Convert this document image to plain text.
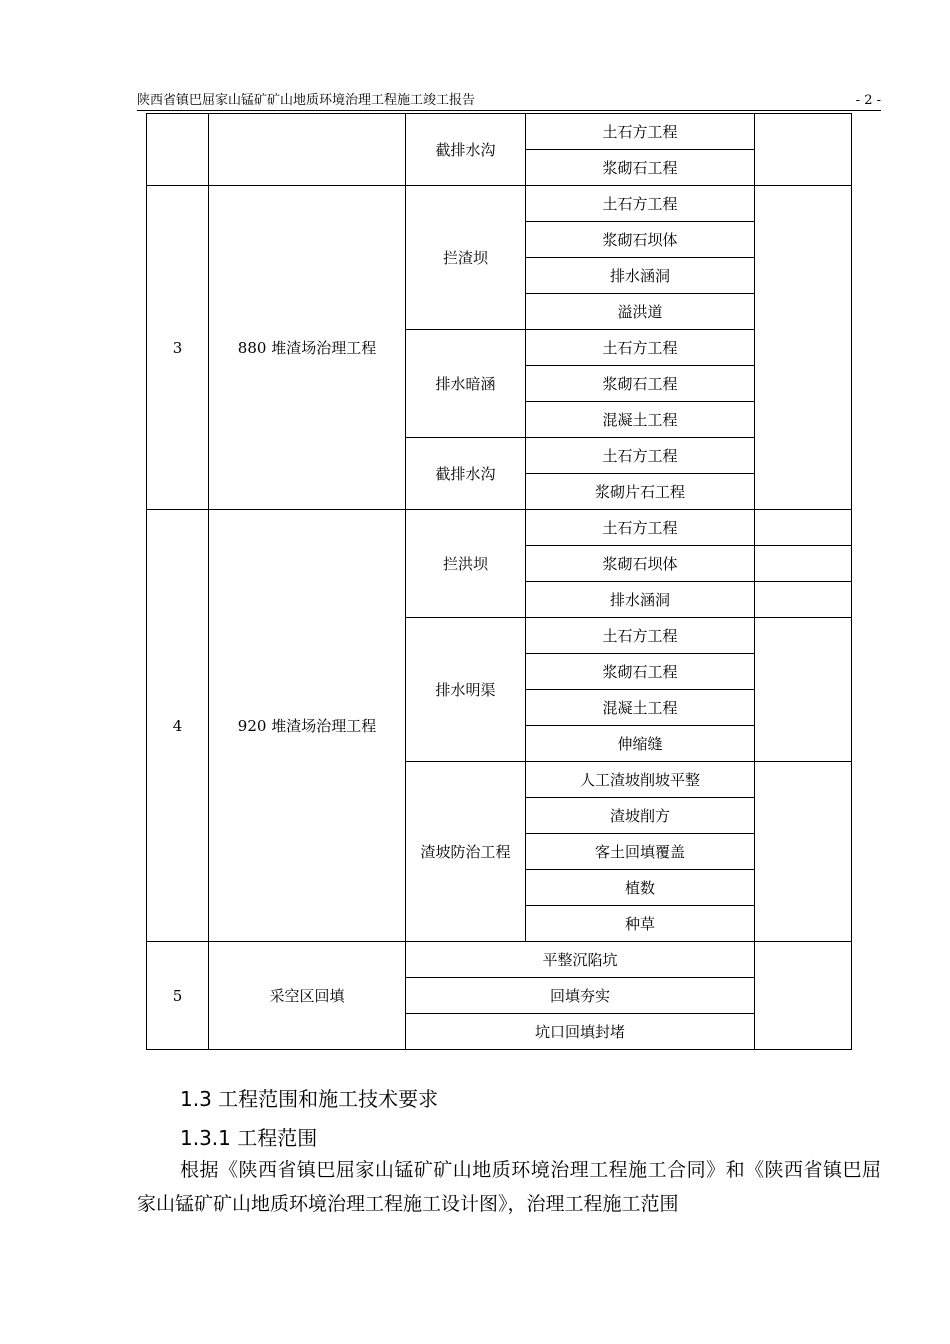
陕西省镇巴屈家山锰矿矿山地质环境治理工程施工竣工报告	- 2 -
		截排水沟	土石方工程	
			浆砌石工程	
3	880 堆渣场治理工程	拦渣坝	土石方工程	
			浆砌石坝体	
			排水涵洞	
			溢洪道	
		排水暗涵	土石方工程	
			浆砌石工程	
			混凝土工程	
		截排水沟	土石方工程	
			浆砌片石工程	
4	920 堆渣场治理工程	拦洪坝	土石方工程	
			浆砌石坝体	
			排水涵洞	
		排水明渠	土石方工程	
			浆砌石工程	
			混凝土工程	
			伸缩缝	
		渣坡防治工程	人工渣坡削坡平整	
			渣坡削方	
			客土回填覆盖	
			植数	
			种草	
5	采空区回填	平整沉陷坑		
		回填夯实		
		坑口回填封堵		
1.3 工程范围和施工技术要求
1.3.1 工程范围
根据《陕西省镇巴屈家山锰矿矿山地质环境治理工程施工合同》和《陕西省镇巴屈家山锰矿矿山地质环境治理工程施工设计图》，治理工程施工范围
